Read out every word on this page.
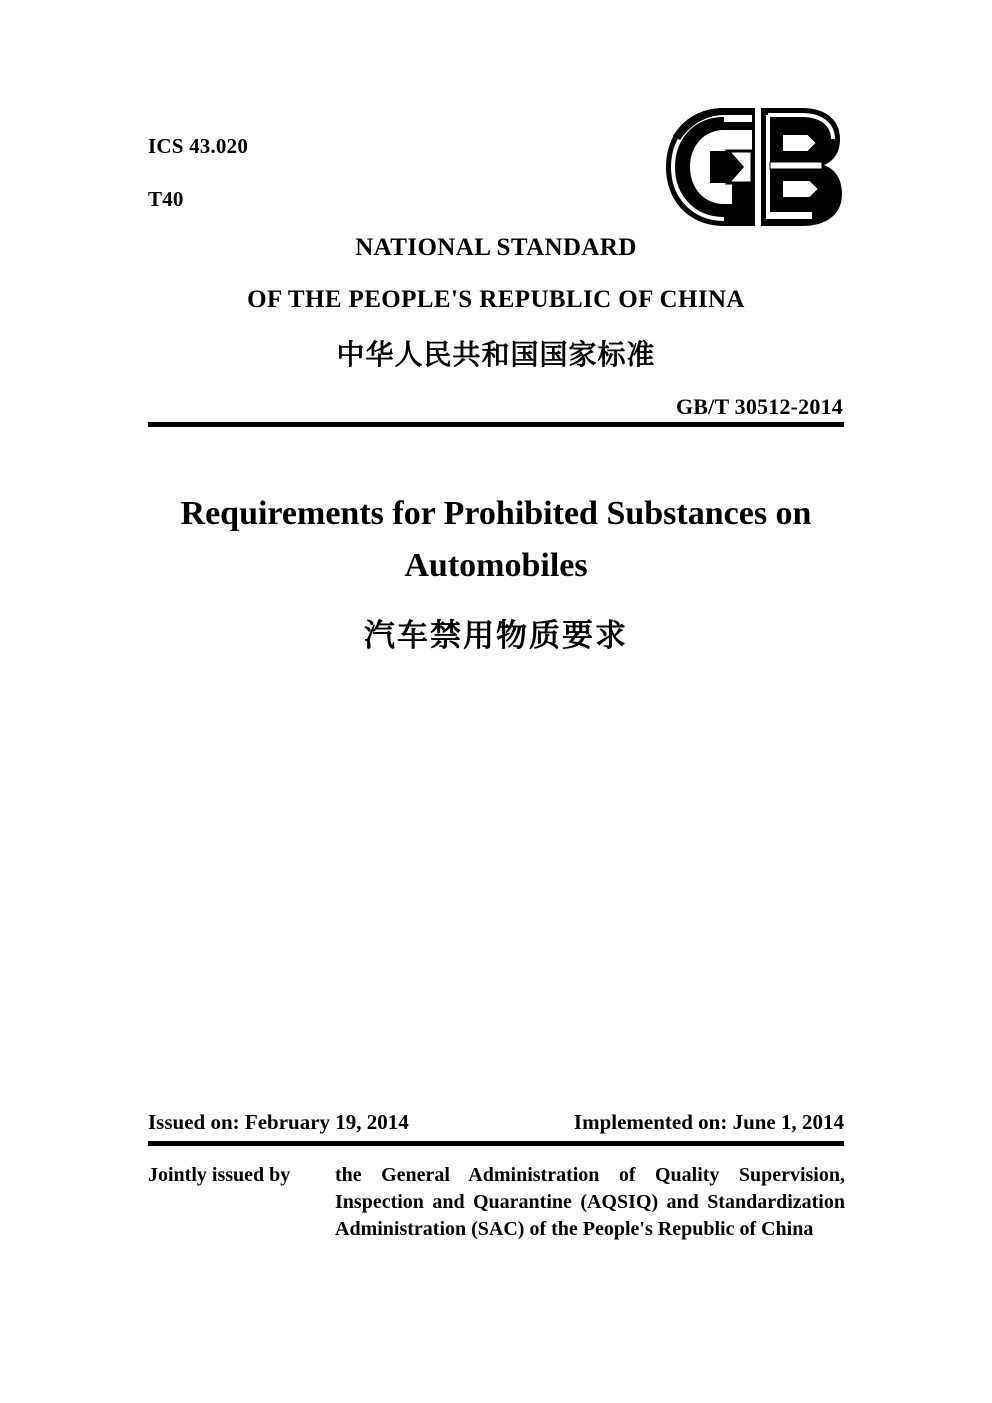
ICS 43.020
T40
NATIONAL STANDARD
OF THE PEOPLE'S REPUBLIC OF CHINA
中华人民共和国国家标准
GB/T 30512-2014
Requirements for Prohibited Substances on Automobiles
汽车禁用物质要求
Issued on: February 19, 2014	Implemented on: June 1, 2014
Jointly issued by	the General Administration of Quality Supervision, Inspection and Quarantine (AQSIQ) and Standardization Administration (SAC) of the People's Republic of China
